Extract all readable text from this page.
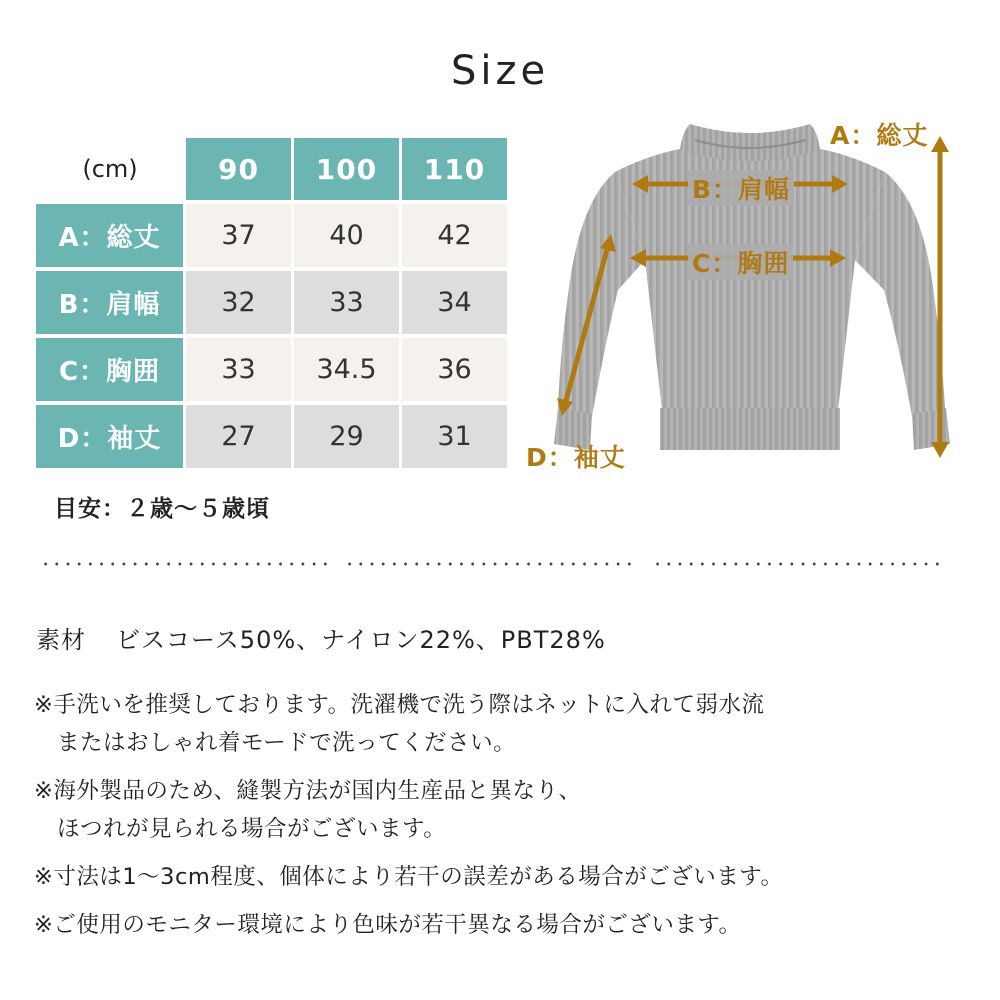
Size
(cm)	90	100	110
A：総丈	37	40	42
B：肩幅	32	33	34
C：胸囲	33	34.5	36
D：袖丈	27	29	31
目安：２歳〜５歳頃
A：総丈
B：肩幅
C：胸囲
D：袖丈
素材 ビスコース50%、ナイロン22%、PBT28%
※手洗いを推奨しております。洗濯機で洗う際はネットに入れて弱水流
　またはおしゃれ着モードで洗ってください。
※海外製品のため、縫製方法が国内生産品と異なり、
　ほつれが見られる場合がございます。
※寸法は1〜3cm程度、個体により若干の誤差がある場合がございます。
※ご使用のモニター環境により色味が若干異なる場合がございます。
